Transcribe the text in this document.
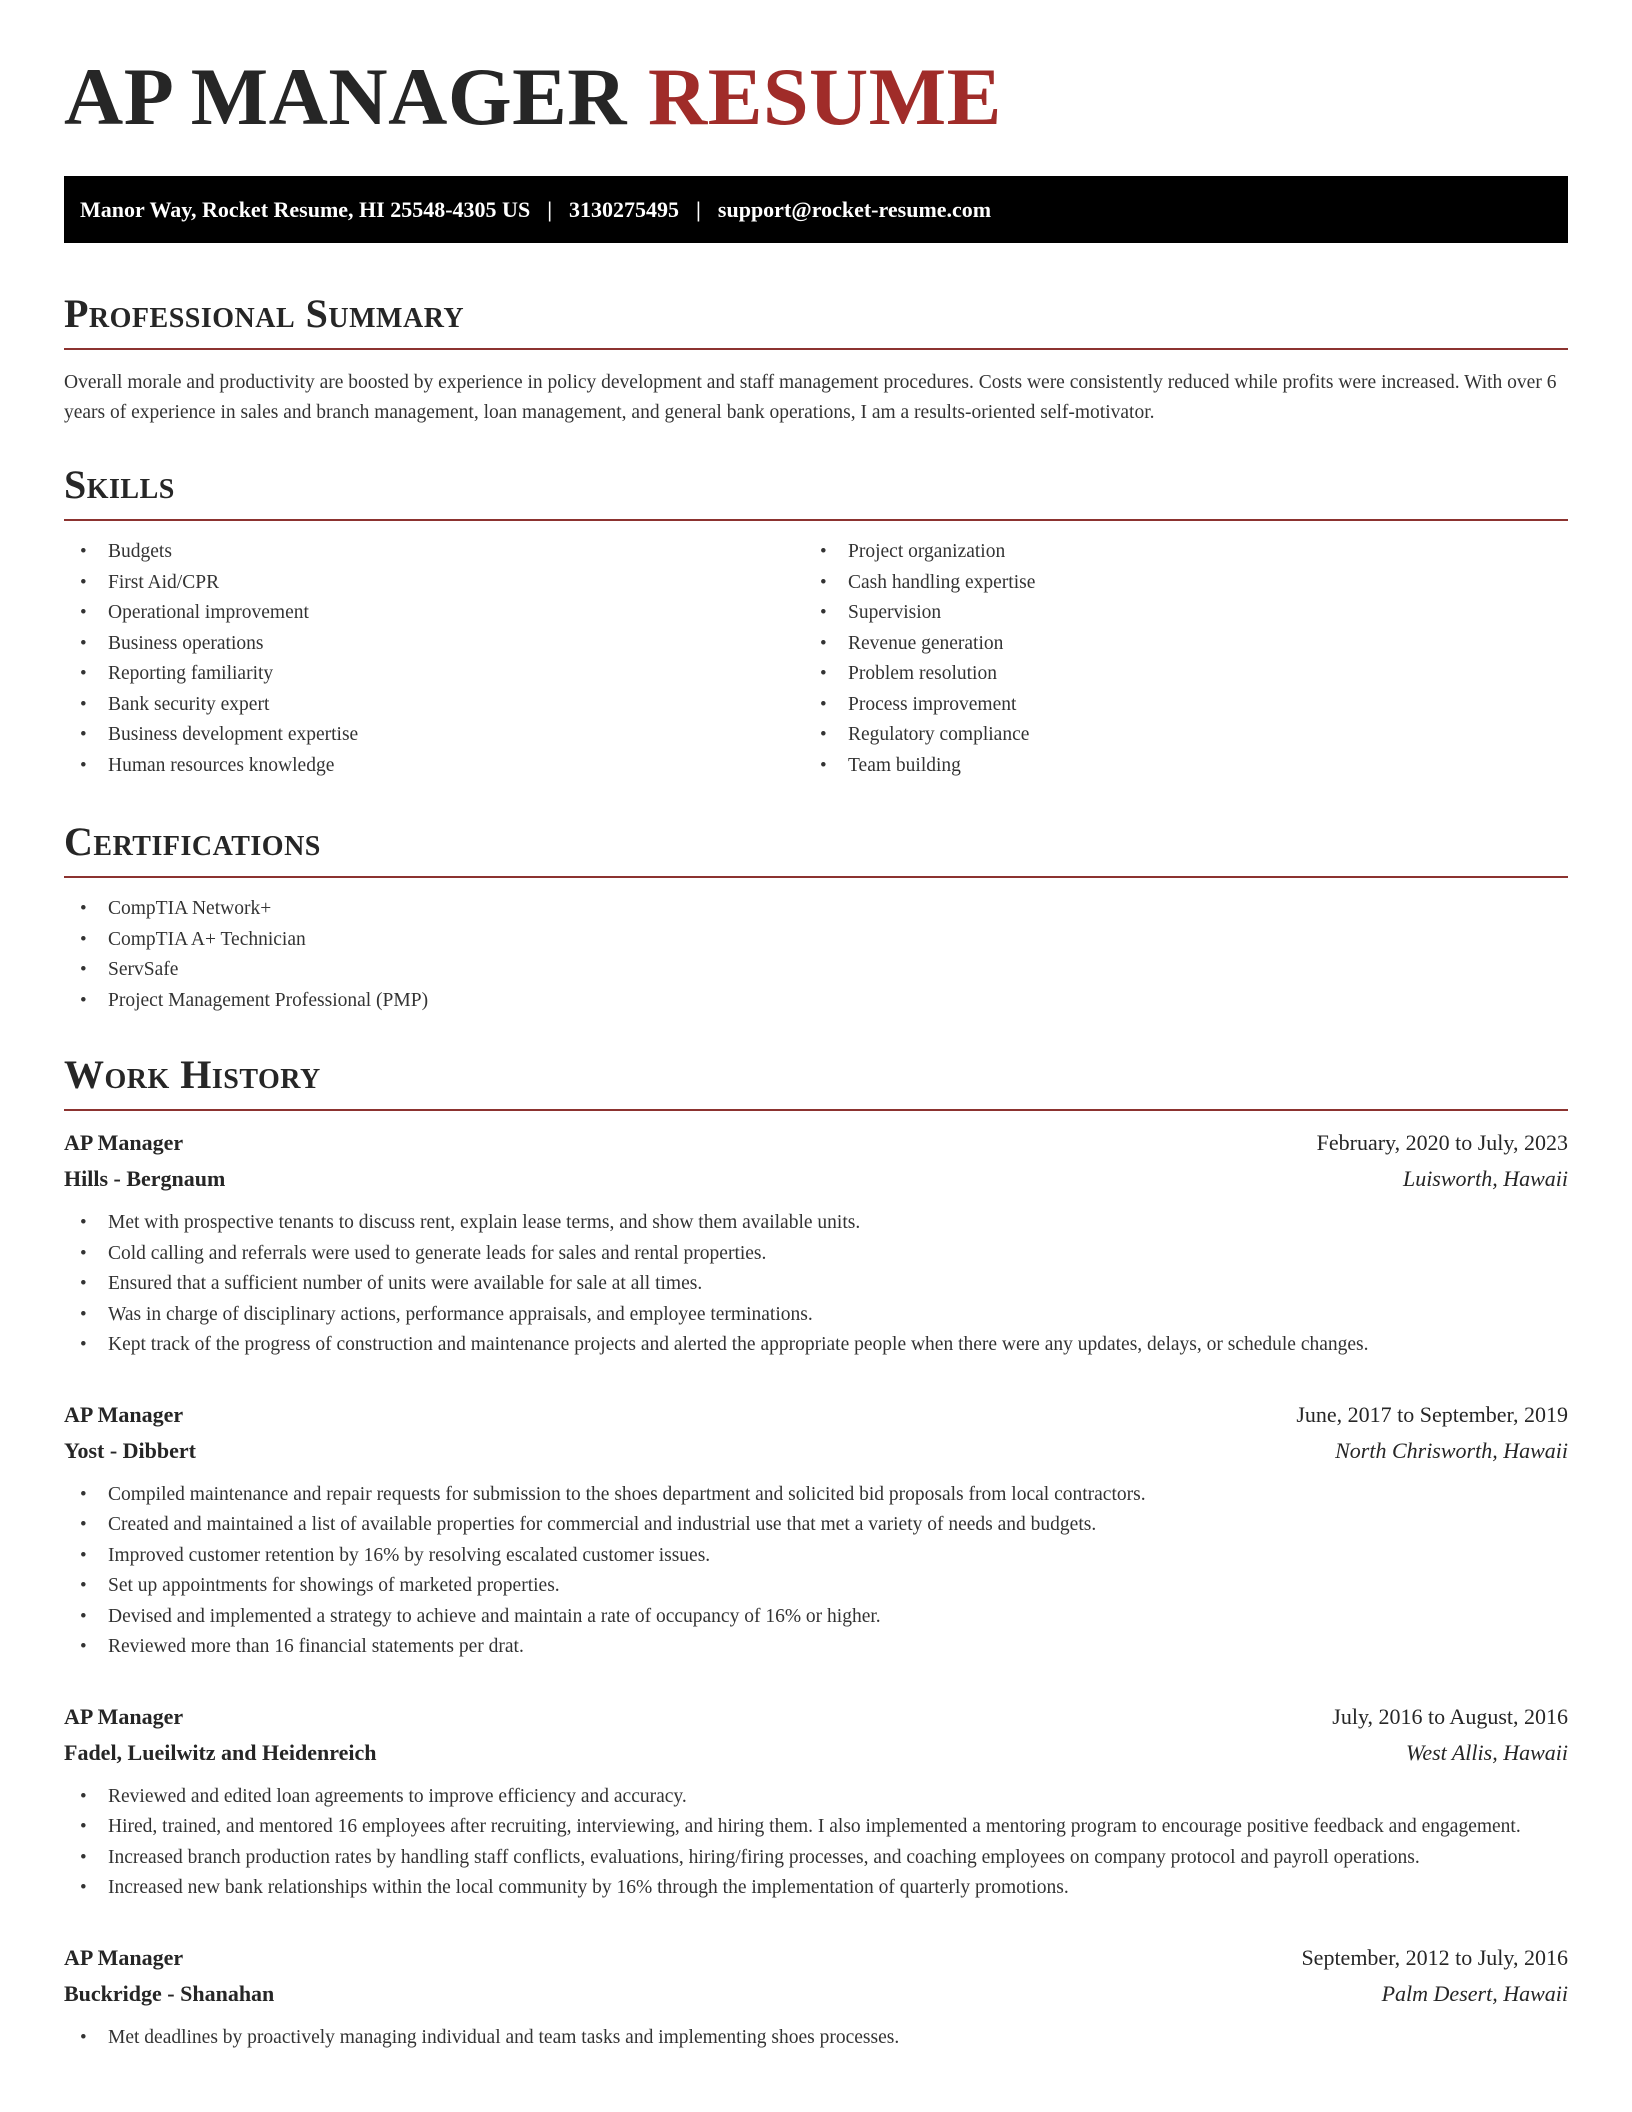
AP MANAGER RESUME
Manor Way, Rocket Resume, HI 25548-4305 US | 3130275495 | support@rocket-resume.com
Professional Summary

Overall morale and productivity are boosted by experience in policy development and staff management procedures. Costs were consistently reduced while profits were increased. With over 6 years of experience in sales and branch management, loan management, and general bank operations, I am a results-oriented self-motivator.

Skills
• Budgets
• First Aid/CPR
• Operational improvement
• Business operations
• Reporting familiarity
• Bank security expert
• Business development expertise
• Human resources knowledge
• Project organization
• Cash handling expertise
• Supervision
• Revenue generation
• Problem resolution
• Process improvement
• Regulatory compliance
• Team building
Certifications
• CompTIA Network+
• CompTIA A+ Technician
• ServSafe
• Project Management Professional (PMP)
Work History
AP Manager	February, 2020 to July, 2023
Hills - Bergnaum	Luisworth, Hawaii
• Met with prospective tenants to discuss rent, explain lease terms, and show them available units.
• Cold calling and referrals were used to generate leads for sales and rental properties.
• Ensured that a sufficient number of units were available for sale at all times.
• Was in charge of disciplinary actions, performance appraisals, and employee terminations.
• Kept track of the progress of construction and maintenance projects and alerted the appropriate people when there were any updates, delays, or schedule changes.
AP Manager	June, 2017 to September, 2019
Yost - Dibbert	North Chrisworth, Hawaii
• Compiled maintenance and repair requests for submission to the shoes department and solicited bid proposals from local contractors.
• Created and maintained a list of available properties for commercial and industrial use that met a variety of needs and budgets.
• Improved customer retention by 16% by resolving escalated customer issues.
• Set up appointments for showings of marketed properties.
• Devised and implemented a strategy to achieve and maintain a rate of occupancy of 16% or higher.
• Reviewed more than 16 financial statements per drat.
AP Manager	July, 2016 to August, 2016
Fadel, Lueilwitz and Heidenreich	West Allis, Hawaii
• Reviewed and edited loan agreements to improve efficiency and accuracy.
• Hired, trained, and mentored 16 employees after recruiting, interviewing, and hiring them. I also implemented a mentoring program to encourage positive feedback and engagement.
• Increased branch production rates by handling staff conflicts, evaluations, hiring/firing processes, and coaching employees on company protocol and payroll operations.
• Increased new bank relationships within the local community by 16% through the implementation of quarterly promotions.
AP Manager	September, 2012 to July, 2016
Buckridge - Shanahan	Palm Desert, Hawaii
• Met deadlines by proactively managing individual and team tasks and implementing shoes processes.
